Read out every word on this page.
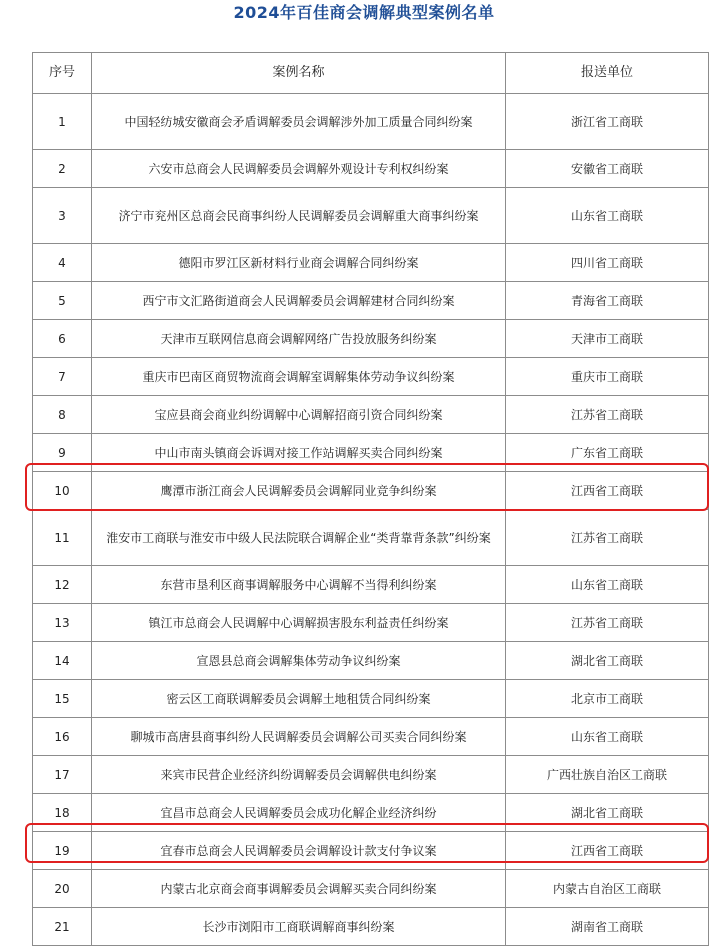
2024年百佳商会调解典型案例名单
序号	案例名称	报送单位
1	中国轻纺城安徽商会矛盾调解委员会调解涉外加工质量合同纠纷案	浙江省工商联
2	六安市总商会人民调解委员会调解外观设计专利权纠纷案	安徽省工商联
3	济宁市兖州区总商会民商事纠纷人民调解委员会调解重大商事纠纷案	山东省工商联
4	德阳市罗江区新材料行业商会调解合同纠纷案	四川省工商联
5	西宁市文汇路街道商会人民调解委员会调解建材合同纠纷案	青海省工商联
6	天津市互联网信息商会调解网络广告投放服务纠纷案	天津市工商联
7	重庆市巴南区商贸物流商会调解室调解集体劳动争议纠纷案	重庆市工商联
8	宝应县商会商业纠纷调解中心调解招商引资合同纠纷案	江苏省工商联
9	中山市南头镇商会诉调对接工作站调解买卖合同纠纷案	广东省工商联
10	鹰潭市浙江商会人民调解委员会调解同业竞争纠纷案	江西省工商联
11	淮安市工商联与淮安市中级人民法院联合调解企业“类背靠背条款”纠纷案	江苏省工商联
12	东营市垦利区商事调解服务中心调解不当得利纠纷案	山东省工商联
13	镇江市总商会人民调解中心调解损害股东利益责任纠纷案	江苏省工商联
14	宣恩县总商会调解集体劳动争议纠纷案	湖北省工商联
15	密云区工商联调解委员会调解土地租赁合同纠纷案	北京市工商联
16	聊城市高唐县商事纠纷人民调解委员会调解公司买卖合同纠纷案	山东省工商联
17	来宾市民营企业经济纠纷调解委员会调解供电纠纷案	广西壮族自治区工商联
18	宜昌市总商会人民调解委员会成功化解企业经济纠纷	湖北省工商联
19	宜春市总商会人民调解委员会调解设计款支付争议案	江西省工商联
20	内蒙古北京商会商事调解委员会调解买卖合同纠纷案	内蒙古自治区工商联
21	长沙市浏阳市工商联调解商事纠纷案	湖南省工商联
